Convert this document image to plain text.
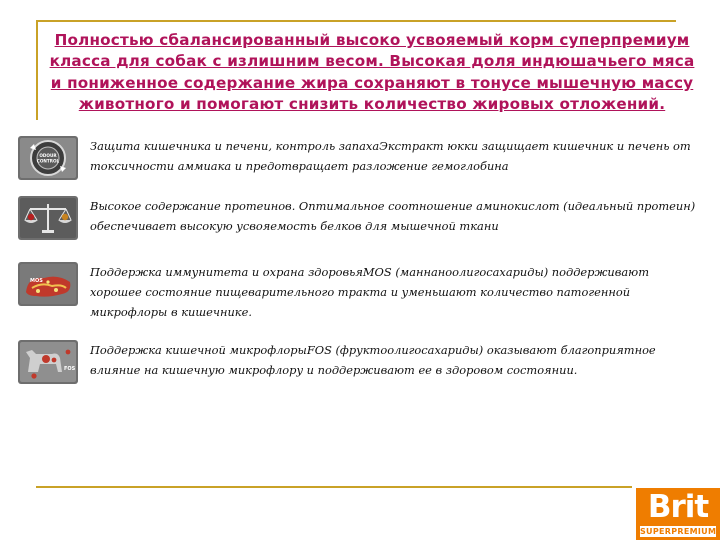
Полностью сбалансированный высоко усвояемый корм суперпремиум класса для собак с излишним весом. Высокая доля индюшачьего мяса и пониженное содержание жира сохраняют в тонусе мышечную массу животного и помогают снизить количество жировых отложений.
ODOUR
CONTROL
Защита кишечника и печени, контроль запахаЭкстракт юкки защищает кишечник и печень от токсичности аммиака и предотвращает разложение гемоглобина
Высокое содержание протеинов. Оптимальное соотношение аминокислот (идеальный протеин) обеспечивает высокую усвояемость белков для мышечной ткани
MOS
Поддержка иммунитета и охрана здоровьяMOS (маннаноолигосахариды) поддерживают хорошее состояние пищеварительного тракта и уменьшают количество патогенной микрофлоры в кишечнике.
FOS
Поддержка кишечной микрофлорыFOS (фруктоолигосахариды) оказывают благоприятное влияние на кишечную микрофлору и поддерживают ее в здоровом состоянии.
Brit
SUPERPREMIUM
